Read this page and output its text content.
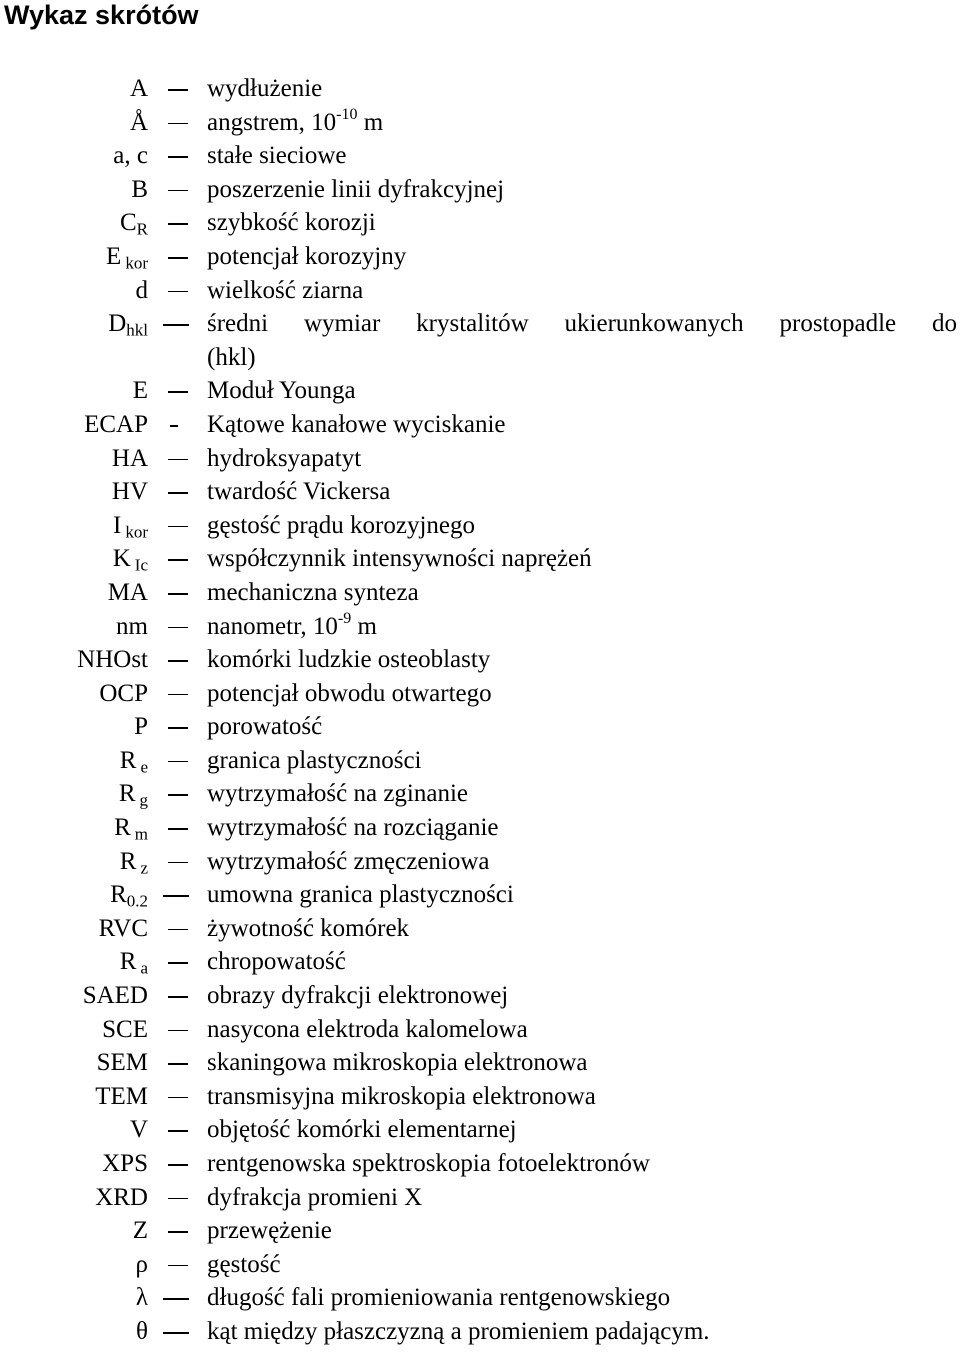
Wykaz skrótów
A wydłużenie
Å angstrem, $10^{-10}$ m
a, c stałe sieciowe
B poszerzenie linii dyfrakcyjnej
$C_R$ szybkość korozji
E $_{kor}$ potencjał korozyjny
d wielkość ziarna
$D_{hkl}$ średni wymiar krystalitów ukierunkowanych prostopadle do
(hkl)
E Moduł Younga
ECAP Kątowe kanałowe wyciskanie
HA hydroksyapatyt
HV twardość Vickersa
I $_{kor}$ gęstość prądu korozyjnego
K $_{Ic}$ współczynnik intensywności naprężeń
MA mechaniczna synteza
nm nanometr, $10^{-9}$ m
NHOst komórki ludzkie osteoblasty
OCP potencjał obwodu otwartego
P porowatość
R $_e$ granica plastyczności
R $_g$ wytrzymałość na zginanie
R $_m$ wytrzymałość na rozciąganie
R $_z$ wytrzymałość zmęczeniowa
$R_{0.2}$ umowna granica plastyczności
RVC żywotność komórek
R $_a$ chropowatość
SAED obrazy dyfrakcji elektronowej
SCE nasycona elektroda kalomelowa
SEM skaningowa mikroskopia elektronowa
TEM transmisyjna mikroskopia elektronowa
V objętość komórki elementarnej
XPS rentgenowska spektroskopia fotoelektronów
XRD dyfrakcja promieni X
Z przewężenie
ρ gęstość
λ długość fali promieniowania rentgenowskiego
θ kąt między płaszczyzną a promieniem padającym.
